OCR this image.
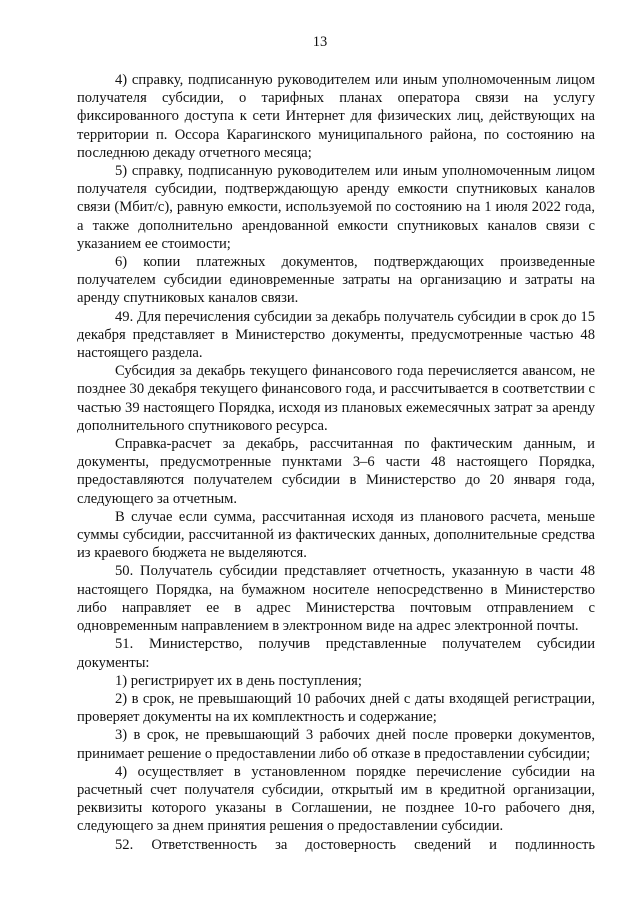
13

4) справку, подписанную руководителем или иным уполномоченным лицом получателя субсидии, о тарифных планах оператора связи на услугу фиксированного доступа к сети Интернет для физических лиц, действующих на территории п. Оссора Карагинского муниципального района, по состоянию на последнюю декаду отчетного месяца;

5) справку, подписанную руководителем или иным уполномоченным лицом получателя субсидии, подтверждающую аренду емкости спутниковых каналов связи (Мбит/с), равную емкости, используемой по состоянию на 1 июля 2022 года, а также дополнительно арендованной емкости спутниковых каналов связи с указанием ее стоимости;

6) копии платежных документов, подтверждающих произведенные получателем субсидии единовременные затраты на организацию и затраты на аренду спутниковых каналов связи.

49. Для перечисления субсидии за декабрь получатель субсидии в срок до 15 декабря представляет в Министерство документы, предусмотренные частью 48 настоящего раздела.

Субсидия за декабрь текущего финансового года перечисляется авансом, не позднее 30 декабря текущего финансового года, и рассчитывается в соответствии с частью 39 настоящего Порядка, исходя из плановых ежемесячных затрат за аренду дополнительного спутникового ресурса.

Справка-расчет за декабрь, рассчитанная по фактическим данным, и документы, предусмотренные пунктами 3–6 части 48 настоящего Порядка, предоставляются получателем субсидии в Министерство до 20 января года, следующего за отчетным.

В случае если сумма, рассчитанная исходя из планового расчета, меньше суммы субсидии, рассчитанной из фактических данных, дополнительные средства из краевого бюджета не выделяются.

50. Получатель субсидии представляет отчетность, указанную в части 48 настоящего Порядка, на бумажном носителе непосредственно в Министерство либо направляет ее в адрес Министерства почтовым отправлением с одновременным направлением в электронном виде на адрес электронной почты.

51. Министерство, получив представленные получателем субсидии документы:

1) регистрирует их в день поступления;

2) в срок, не превышающий 10 рабочих дней с даты входящей регистрации, проверяет документы на их комплектность и содержание;

3) в срок, не превышающий 3 рабочих дней после проверки документов, принимает решение о предоставлении либо об отказе в предоставлении субсидии;

4) осуществляет в установленном порядке перечисление субсидии на расчетный счет получателя субсидии, открытый им в кредитной организации, реквизиты которого указаны в Соглашении, не позднее 10-го рабочего дня, следующего за днем принятия решения о предоставлении субсидии.

52. Ответственность за достоверность сведений и подлинность
